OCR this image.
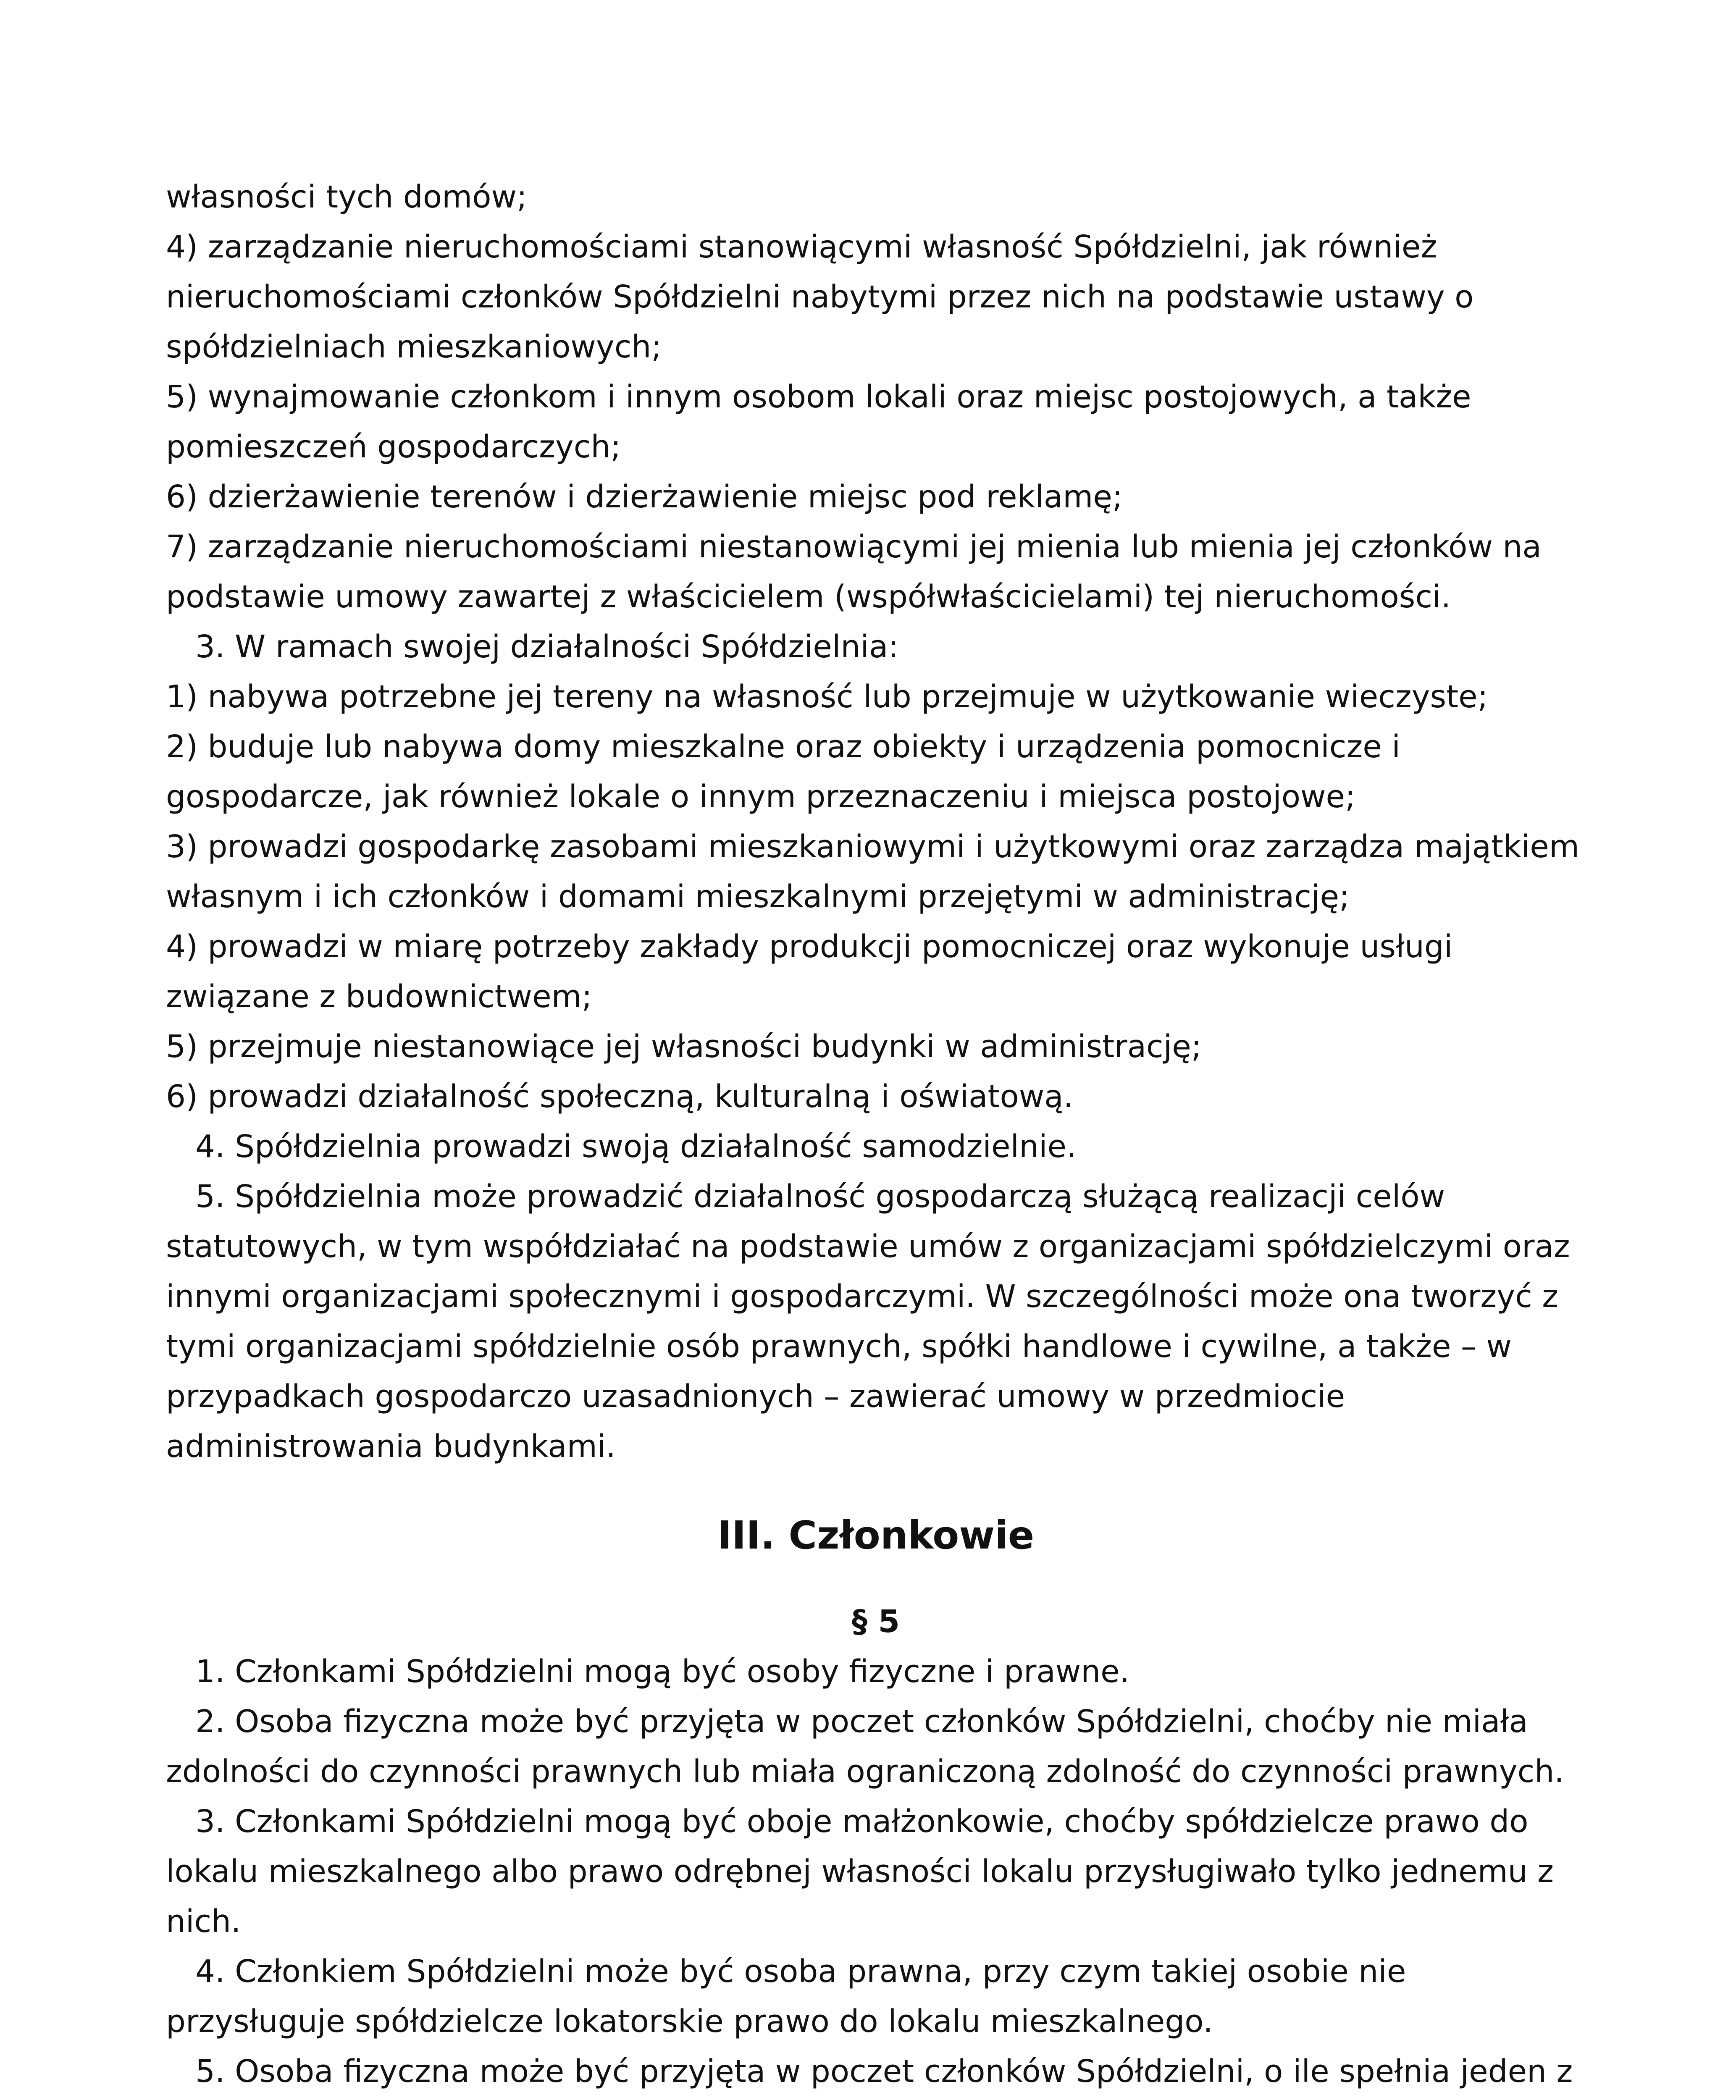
własności tych domów;

4) zarządzanie nieruchomościami stanowiącymi własność Spółdzielni, jak również nieruchomościami członków Spółdzielni nabytymi przez nich na podstawie ustawy o spółdzielniach mieszkaniowych;

5) wynajmowanie członkom i innym osobom lokali oraz miejsc postojowych, a także pomieszczeń gospodarczych;

6) dzierżawienie terenów i dzierżawienie miejsc pod reklamę;

7) zarządzanie nieruchomościami niestanowiącymi jej mienia lub mienia jej członków na podstawie umowy zawartej z właścicielem (współwłaścicielami) tej nieruchomości.

3. W ramach swojej działalności Spółdzielnia:

1) nabywa potrzebne jej tereny na własność lub przejmuje w użytkowanie wieczyste;

2) buduje lub nabywa domy mieszkalne oraz obiekty i urządzenia pomocnicze i gospodarcze, jak również lokale o innym przeznaczeniu i miejsca postojowe;

3) prowadzi gospodarkę zasobami mieszkaniowymi i użytkowymi oraz zarządza majątkiem własnym i ich członków i domami mieszkalnymi przejętymi w administrację;

4) prowadzi w miarę potrzeby zakłady produkcji pomocniczej oraz wykonuje usługi związane z budownictwem;

5) przejmuje niestanowiące jej własności budynki w administrację;

6) prowadzi działalność społeczną, kulturalną i oświatową.

4. Spółdzielnia prowadzi swoją działalność samodzielnie.

5. Spółdzielnia może prowadzić działalność gospodarczą służącą realizacji celów statutowych, w tym współdziałać na podstawie umów z organizacjami spółdzielczymi oraz innymi organizacjami społecznymi i gospodarczymi. W szczególności może ona tworzyć z tymi organizacjami spółdzielnie osób prawnych, spółki handlowe i cywilne, a także – w przypadkach gospodarczo uzasadnionych – zawierać umowy w przedmiocie administrowania budynkami.

III. Członkowie

§ 5

1. Członkami Spółdzielni mogą być osoby fizyczne i prawne.

2. Osoba fizyczna może być przyjęta w poczet członków Spółdzielni, choćby nie miała zdolności do czynności prawnych lub miała ograniczoną zdolność do czynności prawnych.

3. Członkami Spółdzielni mogą być oboje małżonkowie, choćby spółdzielcze prawo do lokalu mieszkalnego albo prawo odrębnej własności lokalu przysługiwało tylko jednemu z nich.

4. Członkiem Spółdzielni może być osoba prawna, przy czym takiej osobie nie przysługuje spółdzielcze lokatorskie prawo do lokalu mieszkalnego.

5. Osoba fizyczna może być przyjęta w poczet członków Spółdzielni, o ile spełnia jeden z
